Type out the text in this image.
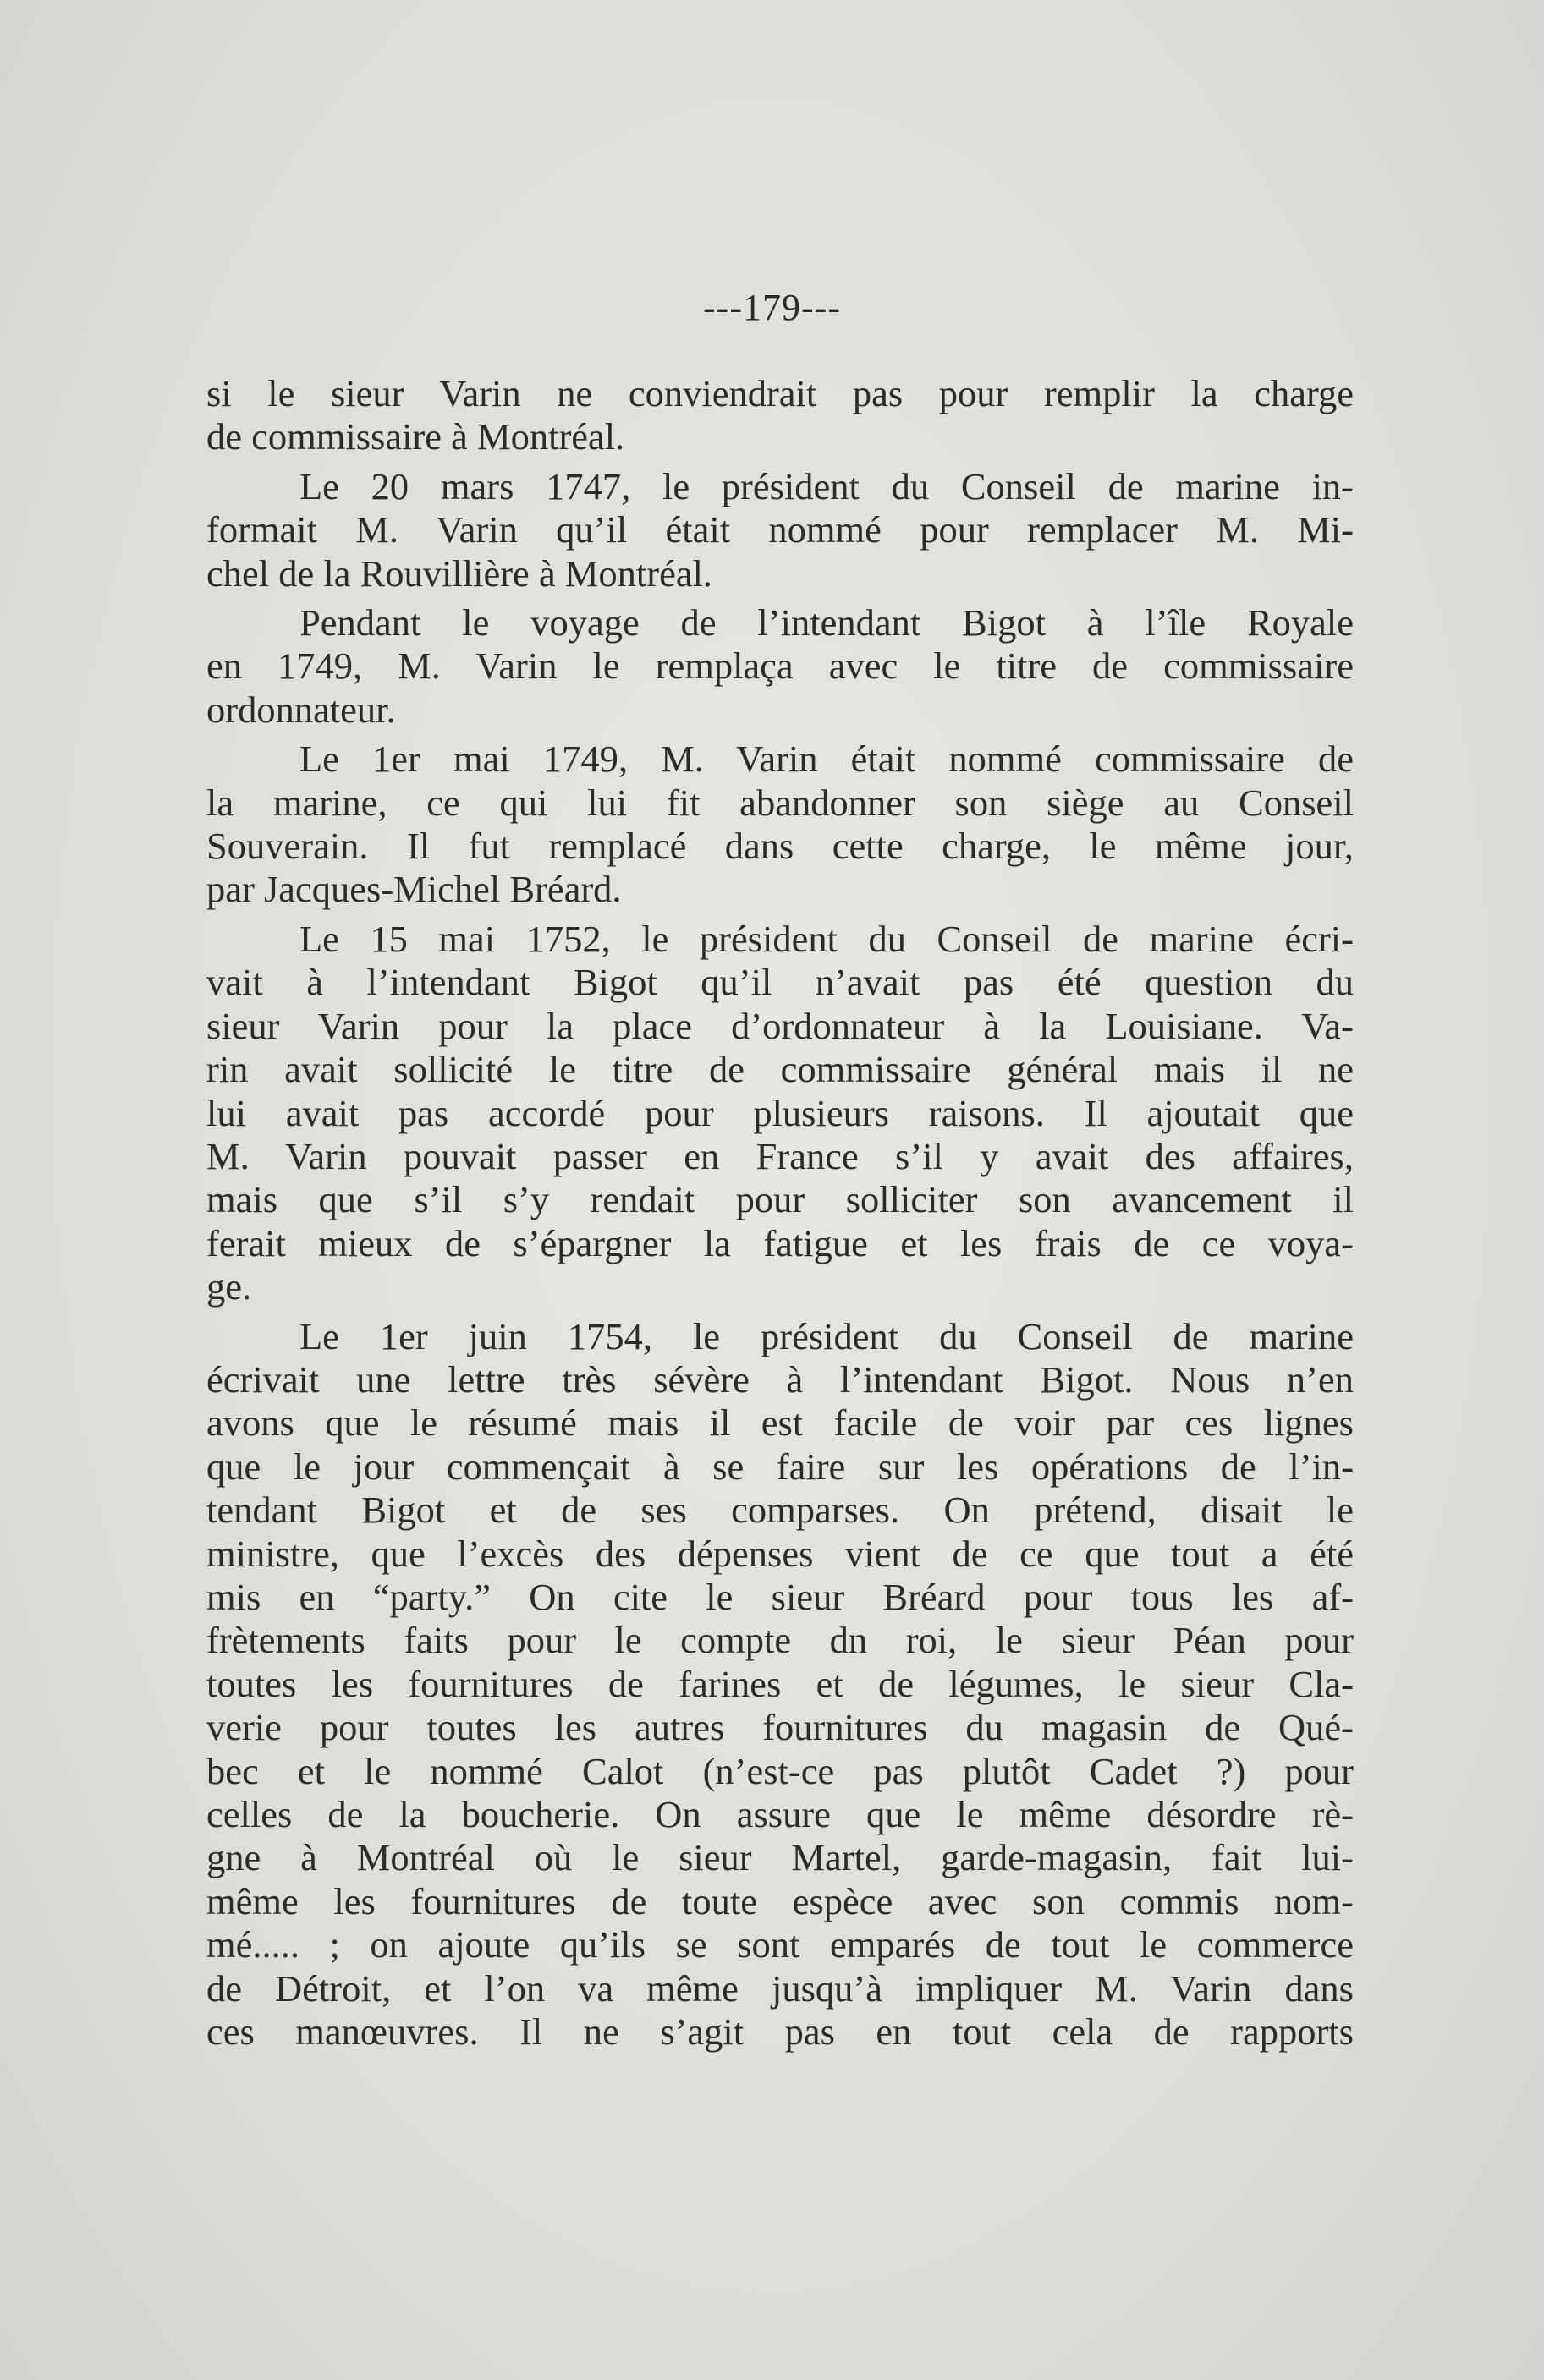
---179---

si le sieur Varin ne conviendrait pas pour remplir la charge
de commissaire à Montréal.

Le 20 mars 1747, le président du Conseil de marine in-
formait M. Varin qu’il était nommé pour remplacer M. Mi-
chel de la Rouvillière à Montréal.

Pendant le voyage de l’intendant Bigot à l’île Royale
en 1749, M. Varin le remplaça avec le titre de commissaire
ordonnateur.

Le 1er mai 1749, M. Varin était nommé commissaire de
la marine, ce qui lui fit abandonner son siège au Conseil
Souverain. Il fut remplacé dans cette charge, le même jour,
par Jacques-Michel Bréard.

Le 15 mai 1752, le président du Conseil de marine écri-
vait à l’intendant Bigot qu’il n’avait pas été question du
sieur Varin pour la place d’ordonnateur à la Louisiane. Va-
rin avait sollicité le titre de commissaire général mais il ne
lui avait pas accordé pour plusieurs raisons. Il ajoutait que
M. Varin pouvait passer en France s’il y avait des affaires,
mais que s’il s’y rendait pour solliciter son avancement il
ferait mieux de s’épargner la fatigue et les frais de ce voya-
ge.

Le 1er juin 1754, le président du Conseil de marine
écrivait une lettre très sévère à l’intendant Bigot. Nous n’en
avons que le résumé mais il est facile de voir par ces lignes
que le jour commençait à se faire sur les opérations de l’in-
tendant Bigot et de ses comparses. On prétend, disait le
ministre, que l’excès des dépenses vient de ce que tout a été
mis en “party.” On cite le sieur Bréard pour tous les af-
frètements faits pour le compte dn roi, le sieur Péan pour
toutes les fournitures de farines et de légumes, le sieur Cla-
verie pour toutes les autres fournitures du magasin de Qué-
bec et le nommé Calot (n’est-ce pas plutôt Cadet ?) pour
celles de la boucherie. On assure que le même désordre rè-
gne à Montréal où le sieur Martel, garde-magasin, fait lui-
même les fournitures de toute espèce avec son commis nom-
mé..... ; on ajoute qu’ils se sont emparés de tout le commerce
de Détroit, et l’on va même jusqu’à impliquer M. Varin dans
ces manœuvres. Il ne s’agit pas en tout cela de rapports
